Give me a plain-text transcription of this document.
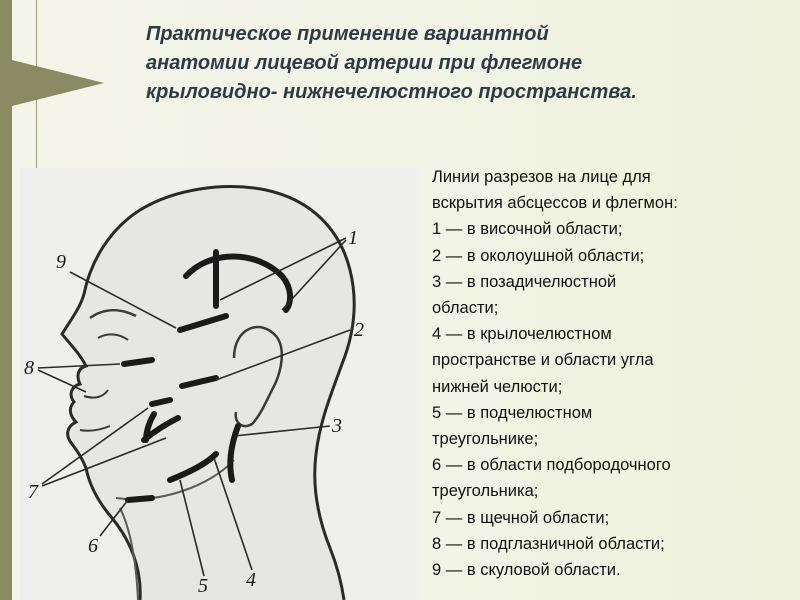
Практическое применение вариантной
анатомии лицевой артерии при флегмоне
крыловидно- нижнечелюстного пространства.
1
2
3
4
5
6
7
8
9
Линии разрезов на лице для
вскрытия абсцессов и флегмон:
1 — в височной области;
2 — в околоушной области;
3 — в позадичелюстной
области;
4 — в крылочелюстном
пространстве и области угла
нижней челюсти;
5 — в подчелюстном
треугольнике;
6 — в области подбородочного
треугольника;
7 — в щечной области;
8 — в подглазничной области;
9 — в скуловой области.
